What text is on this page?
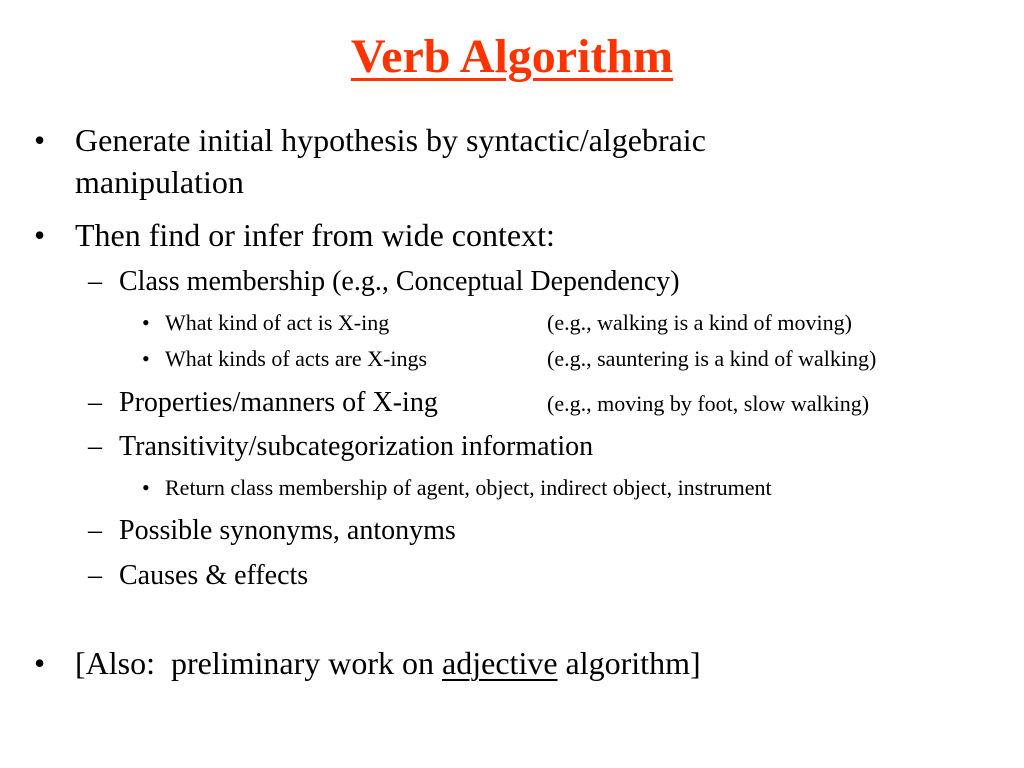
Verb Algorithm
• Generate initial hypothesis by syntactic/algebraic
manipulation
• Then find or infer from wide context:
– Class membership (e.g., Conceptual Dependency)
• What kind of act is X-ing	(e.g., walking is a kind of moving)
• What kinds of acts are X-ings	(e.g., sauntering is a kind of walking)
– Properties/manners of X-ing	(e.g., moving by foot, slow walking)
– Transitivity/subcategorization information
• Return class membership of agent, object, indirect object, instrument
– Possible synonyms, antonyms
– Causes & effects
• [Also:  preliminary work on adjective algorithm]
